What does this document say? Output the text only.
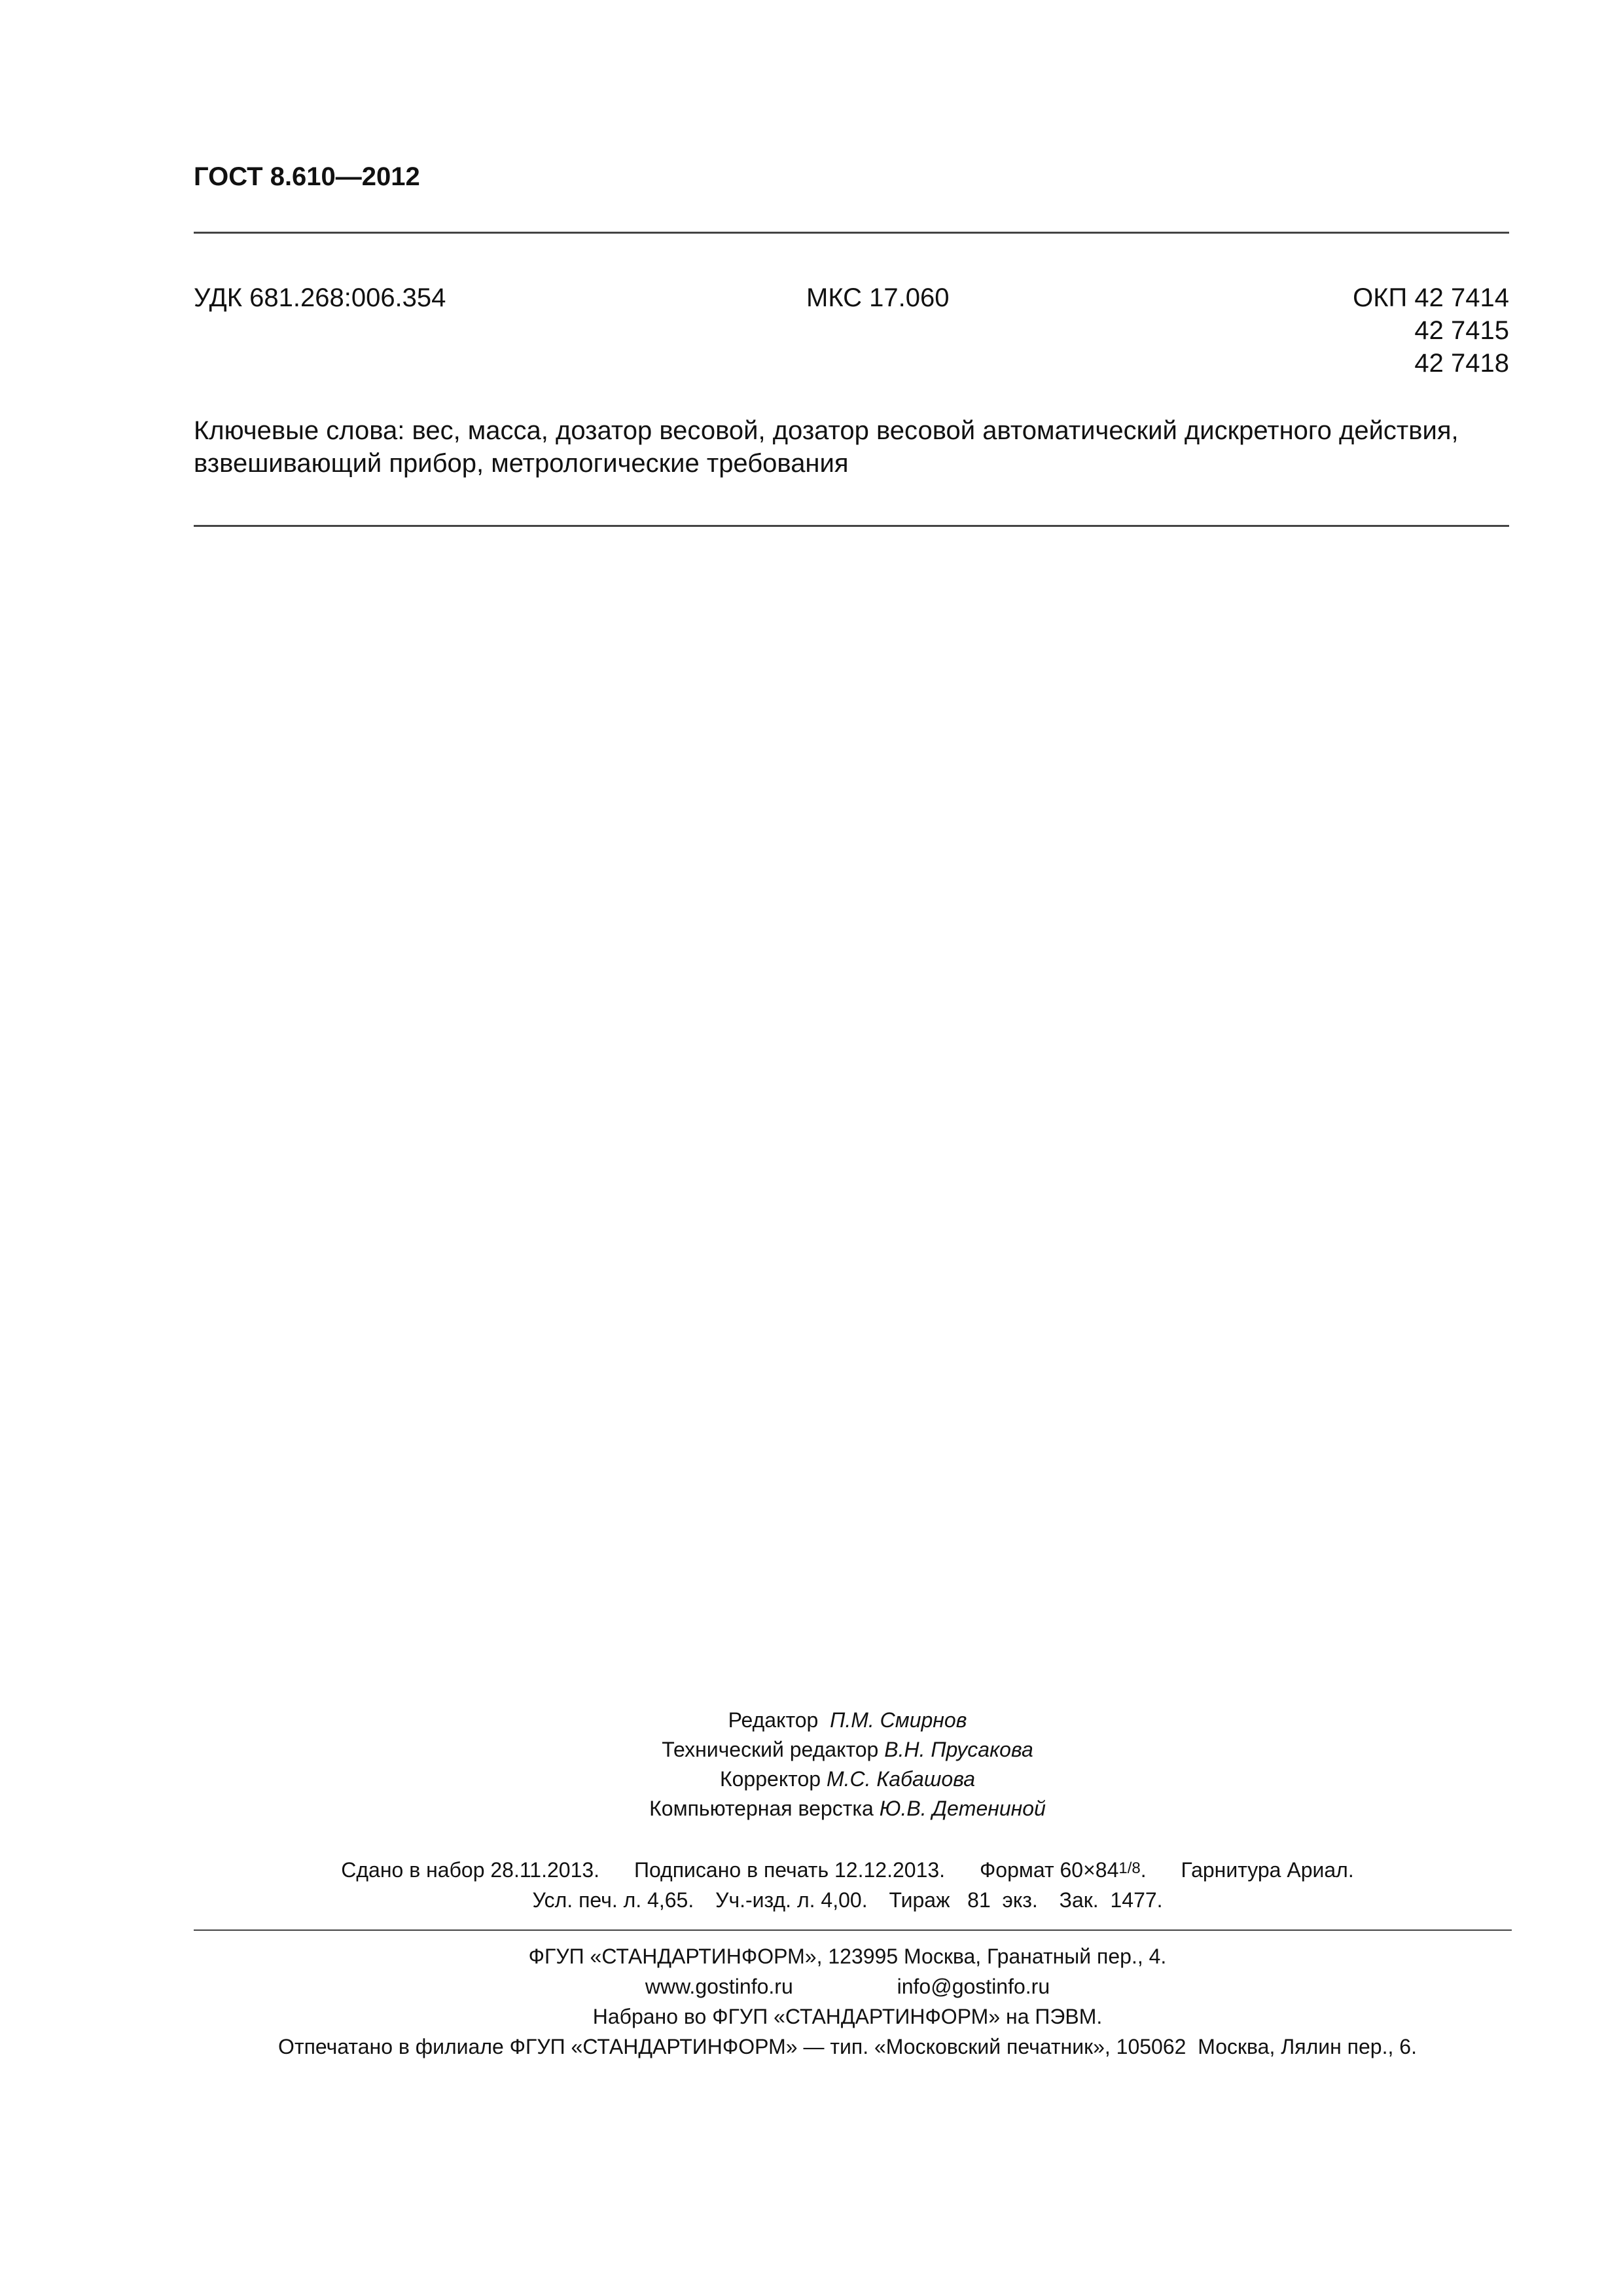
ГОСТ 8.610—2012
УДК 681.268:006.354	МКС 17.060	ОКП 42 7414
42 7415
42 7418
Ключевые слова: вес, масса, дозатор весовой, дозатор весовой автоматический дискретного действия, взвешивающий прибор, метрологические требования
Редактор П.М. Смирнов
Технический редактор В.Н. Прусакова
Корректор М.С. Кабашова
Компьютерная верстка Ю.В. Дemениной
Сдано в набор 28.11.2013. Подписано в печать 12.12.2013. Формат 60×841/8. Гарнитура Ариал.
Усл. печ. л. 4,65. Уч.-изд. л. 4,00. Тираж   81  экз. Зак.  1477.
ФГУП «СТАНДАРТИНФОРМ», 123995 Москва, Гранатный пер., 4.
www.gostinfo.ru	info@gostinfo.ru
Набрано во ФГУП «СТАНДАРТИНФОРМ» на ПЭВМ.
Отпечатано в филиале ФГУП «СТАНДАРТИНФОРМ» — тип. «Московский печатник», 105062  Москва, Лялин пер., 6.
